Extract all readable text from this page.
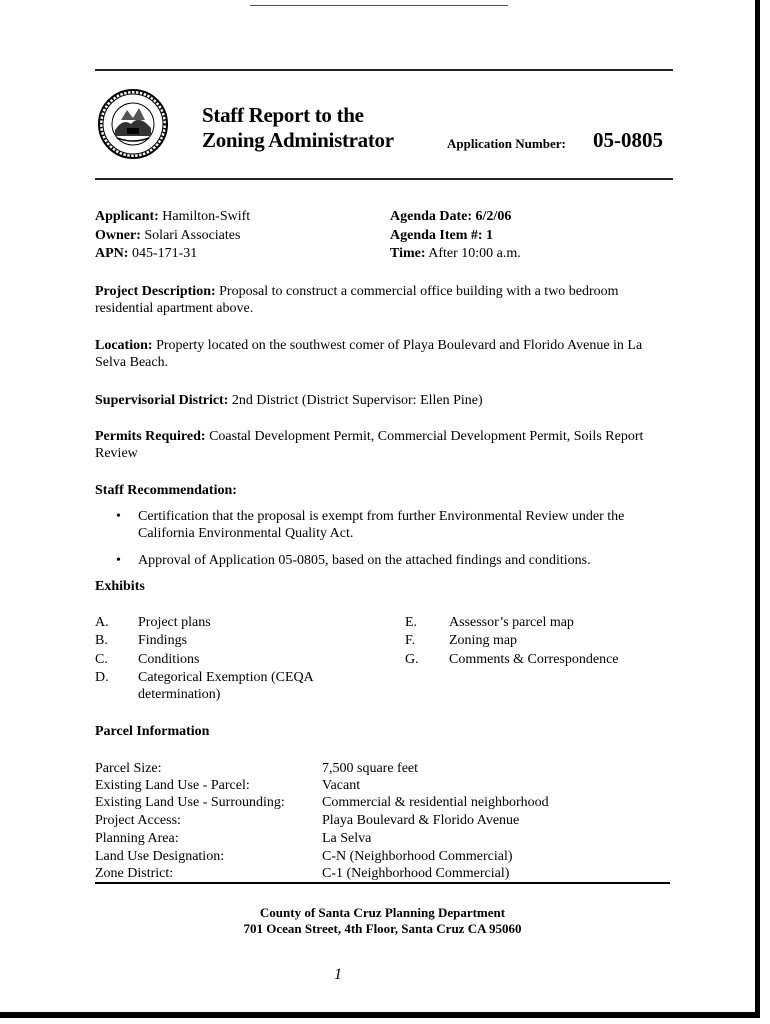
Staff Report to the
Zoning Administrator	Application Number: 05-0805
Applicant: Hamilton-Swift
Owner: Solari Associates
APN: 045-171-31
Agenda Date: 6/2/06
Agenda Item #: 1
Time: After 10:00 a.m.
Project Description: Proposal to construct a commercial office building with a two bedroom residential apartment above.
Location: Property located on the southwest comer of Playa Boulevard and Florido Avenue in La Selva Beach.
Supervisorial District: 2nd District (District Supervisor: Ellen Pine)
Permits Required: Coastal Development Permit, Commercial Development Permit, Soils Report Review
Staff Recommendation:
• Certification that the proposal is exempt from further Environmental Review under the California Environmental Quality Act.
• Approval of Application 05-0805, based on the attached findings and conditions.
Exhibits
A. Project plans
B. Findings
C. Conditions
D. Categorical Exemption (CEQA determination)
E. Assessor’s parcel map
F. Zoning map
G. Comments & Correspondence
Parcel Information
Parcel Size:	7,500 square feet
Existing Land Use - Parcel:	Vacant
Existing Land Use - Surrounding:	Commercial & residential neighborhood
Project Access:	Playa Boulevard & Florido Avenue
Planning Area:	La Selva
Land Use Designation:	C-N (Neighborhood Commercial)
Zone District:	C-1 (Neighborhood Commercial)
County of Santa Cruz Planning Department
701 Ocean Street, 4th Floor, Santa Cruz CA 95060
1
